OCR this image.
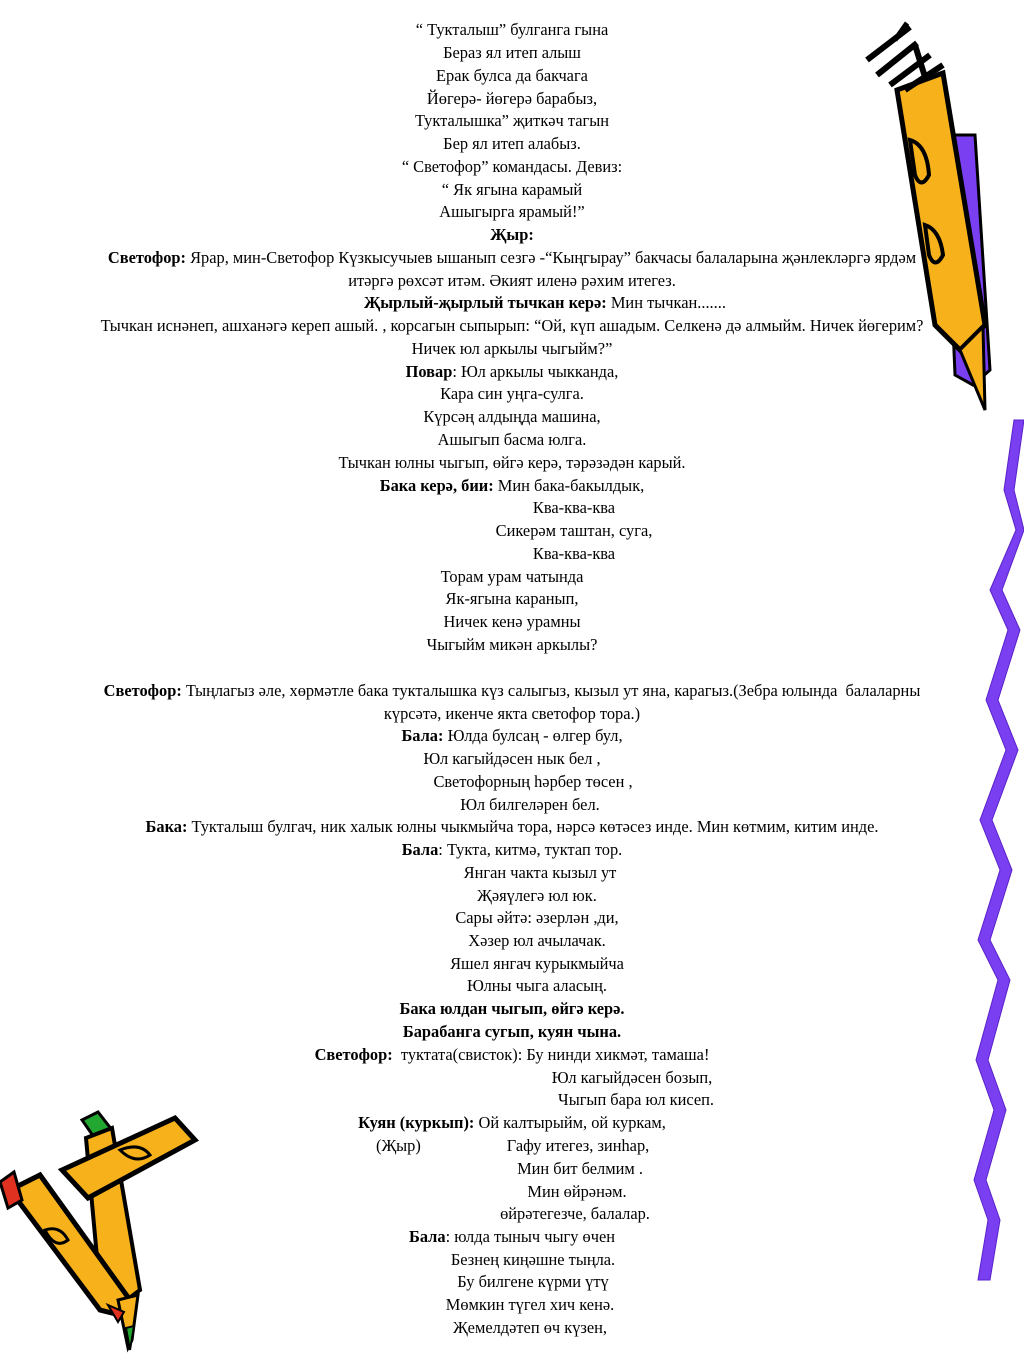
“ Тукталыш” булганга гына
Бераз ял итеп алыш
Ерак булса да бакчага
Йөгерә- йөгерә барабыз,
Тукталышка” җиткәч тагын
Бер ял итеп алабыз.
“ Светофор” командасы. Девиз:
“ Як ягына карамый
Ашыгырга ярамый!”
Җыр:
Светофор: Ярар, мин-Светофор Күзкысучыев ышанып сезгә -“Кыңгырау” бакчасы балаларына җәнлекләргә ярдәм
итәргә рөхсәт итәм. Әкият иленә рәхим итегез.
Җырлый-җырлый тычкан керә: Мин тычкан.......
Тычкан иснәнеп, ашханәгә кереп ашый. , корсагын сыпырып: “Ой, күп ашадым. Селкенә дә алмыйм. Ничек йөгерим?
Ничек юл аркылы чыгыйм?”
Повар: Юл аркылы чыкканда,
Кара син уңга-сулга.
Күрсәң алдыңда машина,
Ашыгып басма юлга.
Тычкан юлны чыгып, өйгә керә, тәрәзәдән карый.
Бака керә, бии: Мин бака-бакылдык,
Ква-ква-ква
Сикерәм таштан, суга,
Ква-ква-ква
Торам урам чатында
Як-ягына каранып,
Ничек кенә урамны
Чыгыйм микән аркылы?
Светофор: Тыңлагыз әле, хөрмәтле бака тукталышка күз салыгыз, кызыл ут яна, карагыз.(Зебра юлында  балаларны
күрсәтә, икенче якта светофор тора.)
Бала: Юлда булсаң - өлгер бул,
Юл кагыйдәсен нык бел ,
Светофорның һәрбер төсен ,
Юл билгеләрен бел.
Бака: Тукталыш булгач, ник халык юлны чыкмыйча тора, нәрсә көтәсез инде. Мин көтмим, китим инде.
Бала: Тукта, китмә, туктап тор.
Янган чакта кызыл ут
Җәяүлегә юл юк.
Сары әйтә: әзерлән ,ди,
Хәзер юл ачылачак.
Яшел янгач курыкмыйча
Юлны чыга аласың.
Бака юлдан чыгып, өйгә керә.
Барабанга сугып, куян чына.
Светофор:  туктата(свисток): Бу нинди хикмәт, тамаша!
Юл кагыйдәсен бозып,
Чыгып бара юл кисеп.
Куян (куркып): Ой калтырыйм, ой куркам,
(Җыр)	Гафу итегез, зинһар,
Мин бит белмим .
Мин өйрәнәм.
өйрәтегезче, балалар.
Бала: юлда тыныч чыгу өчен
Безнең киңәшне тыңла.
Бу билгене күрми үтү
Мөмкин түгел хич кенә.
Җемелдәтеп өч күзен,
